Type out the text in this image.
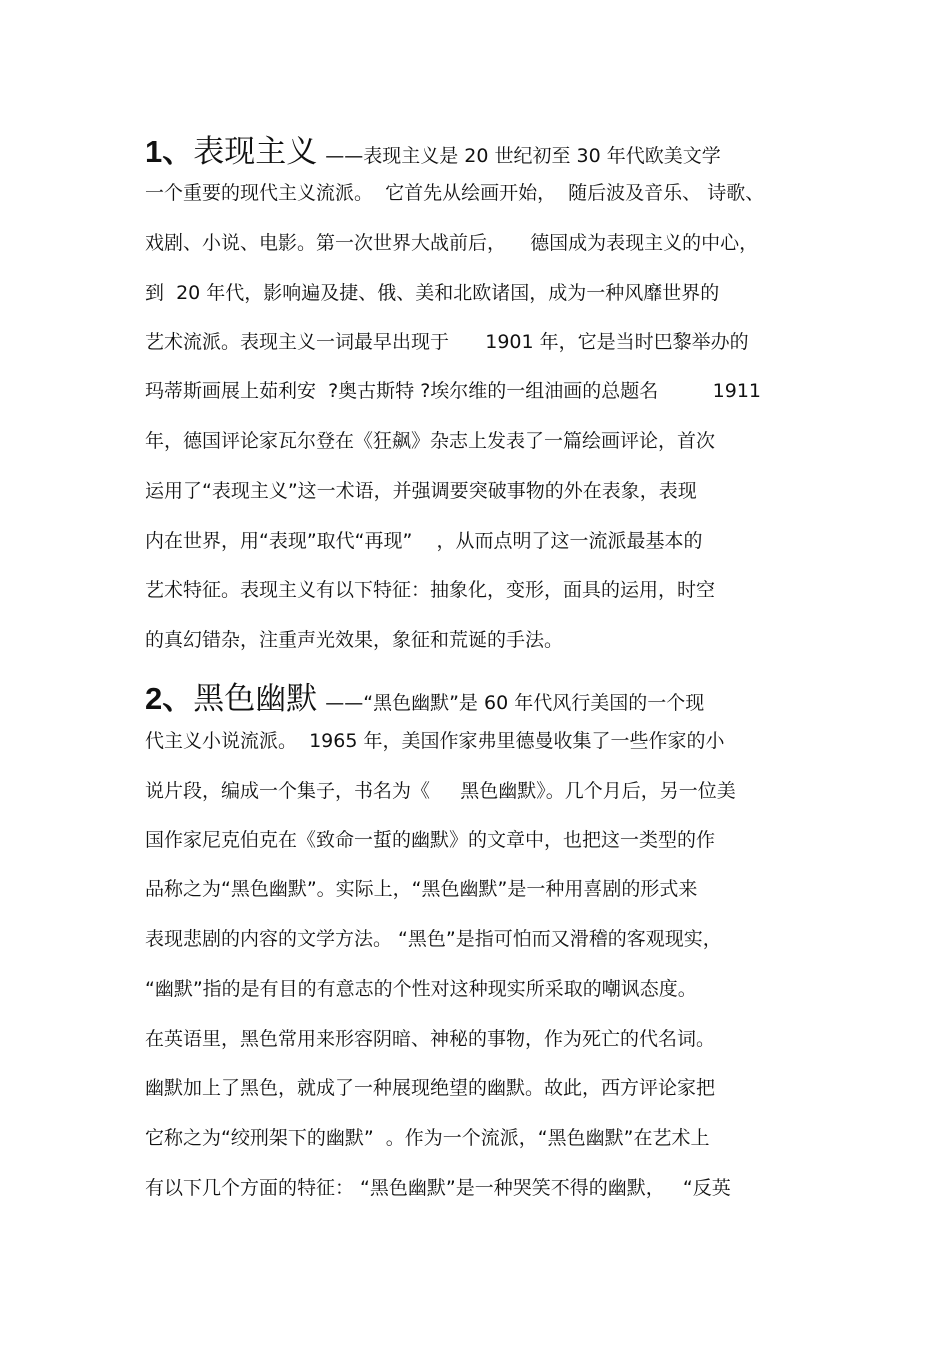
1、表现主义 ——表现主义是 20 世纪初至 30 年代欧美文学
一个重要的现代主义流派。  它首先从绘画开始，  随后波及音乐、 诗歌、
戏剧、小说、电影。第一次世界大战前后，    德国成为表现主义的中心，
到  20 年代，影响遍及捷、俄、美和北欧诸国，成为一种风靡世界的
艺术流派。表现主义一词最早出现于      1901 年，它是当时巴黎举办的
玛蒂斯画展上茹利安  ?奥古斯特 ?埃尔维的一组油画的总题名         1911
年，德国评论家瓦尔登在《狂飙》杂志上发表了一篇绘画评论，首次
运用了“表现主义”这一术语，并强调要突破事物的外在表象，表现
内在世界，用“表现”取代“再现”    ，从而点明了这一流派最基本的
艺术特征。表现主义有以下特征：抽象化，变形，面具的运用，时空
的真幻错杂，注重声光效果，象征和荒诞的手法。
2、黑色幽默 ——“黑色幽默”是 60 年代风行美国的一个现
代主义小说流派。  1965 年，美国作家弗里德曼收集了一些作家的小
说片段，编成一个集子，书名为《     黑色幽默》。几个月后，另一位美
国作家尼克伯克在《致命一蜇的幽默》的文章中，也把这一类型的作
品称之为“黑色幽默”。实际上，“黑色幽默”是一种用喜剧的形式来
表现悲剧的内容的文学方法。 “黑色”是指可怕而又滑稽的客观现实，
“幽默”指的是有目的有意志的个性对这种现实所采取的嘲讽态度。
在英语里，黑色常用来形容阴暗、神秘的事物，作为死亡的代名词。
幽默加上了黑色，就成了一种展现绝望的幽默。故此，西方评论家把
它称之为“绞刑架下的幽默”  。作为一个流派，“黑色幽默”在艺术上
有以下几个方面的特征： “黑色幽默”是一种哭笑不得的幽默，   “反英
